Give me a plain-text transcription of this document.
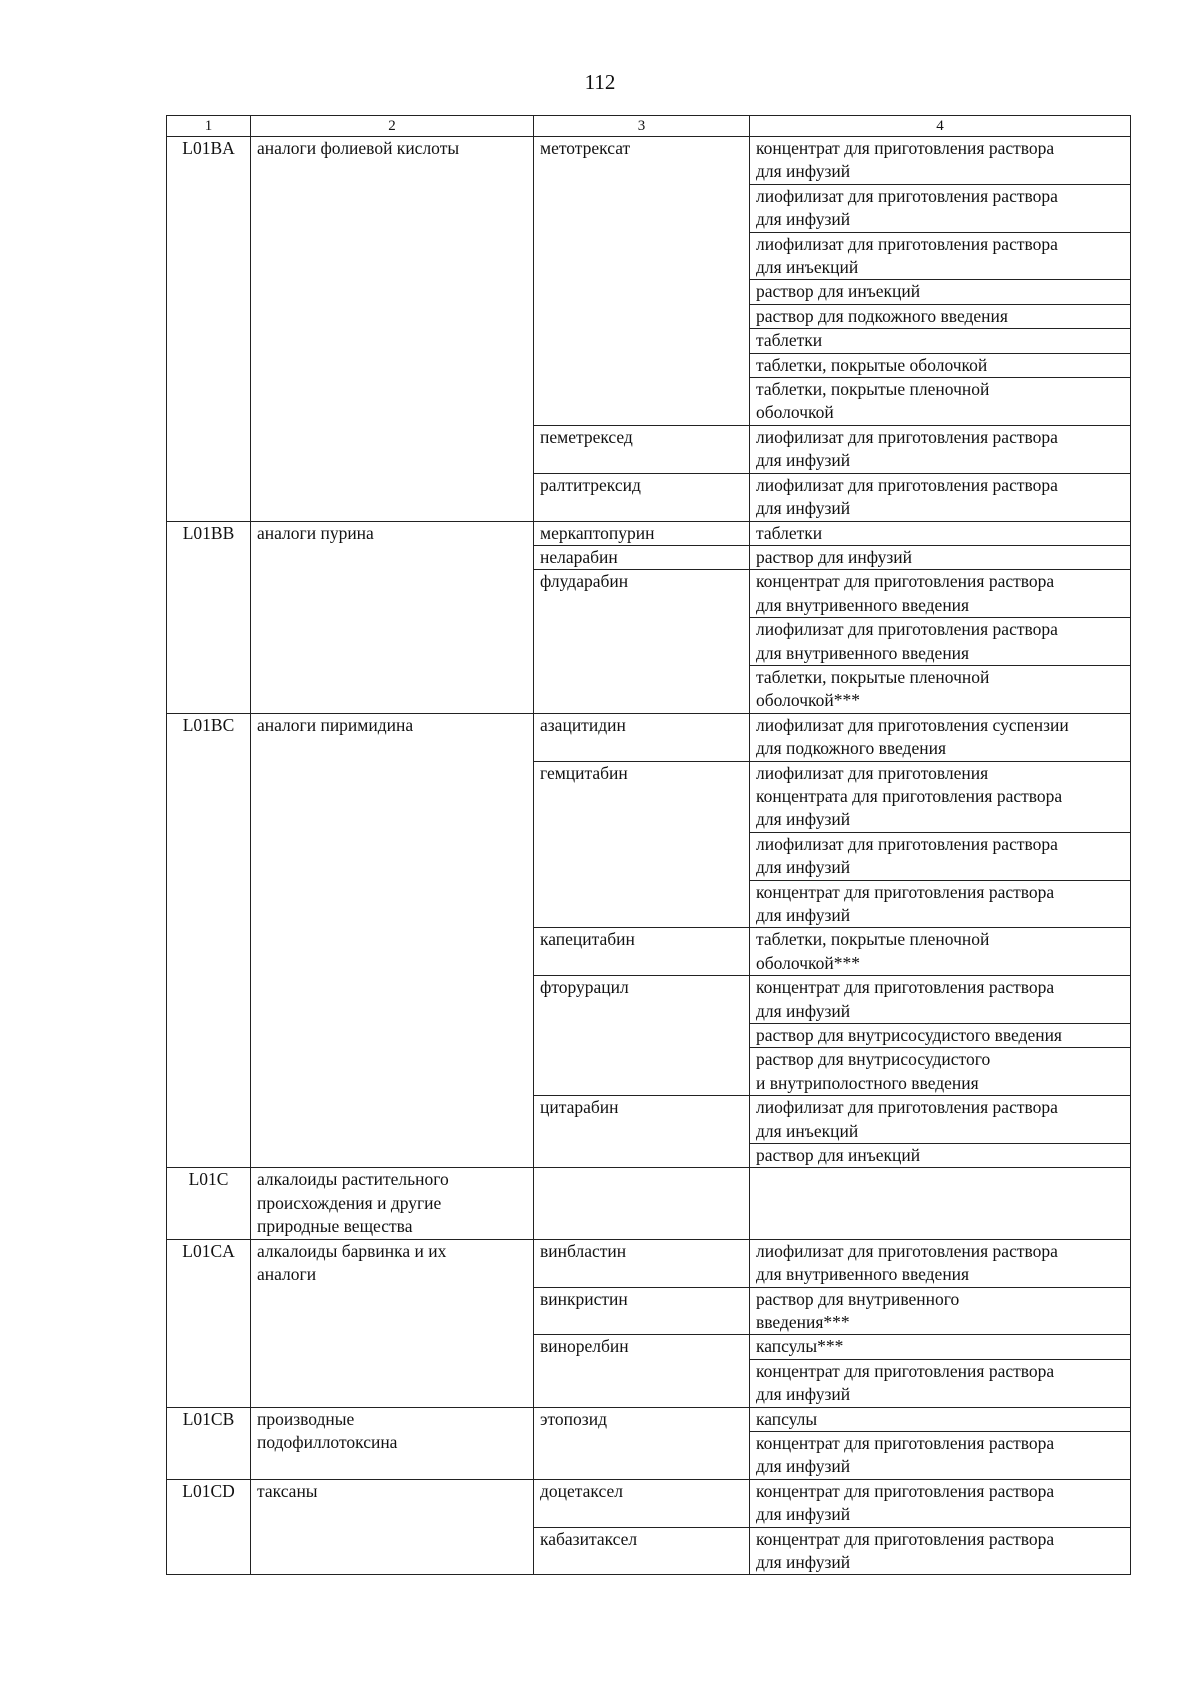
112
1	2	3	4
L01BA	аналоги фолиевой кислоты	метотрексат	концентрат для приготовления раствора
для инфузий
			лиофилизат для приготовления раствора
для инфузий
			лиофилизат для приготовления раствора
для инъекций
			раствор для инъекций
			раствор для подкожного введения
			таблетки
			таблетки, покрытые оболочкой
			таблетки, покрытые пленочной
оболочкой
		пеметрексед	лиофилизат для приготовления раствора
для инфузий
		ралтитрексид	лиофилизат для приготовления раствора
для инфузий
L01BB	аналоги пурина	меркаптопурин	таблетки
		неларабин	раствор для инфузий
		флударабин	концентрат для приготовления раствора
для внутривенного введения
			лиофилизат для приготовления раствора
для внутривенного введения
			таблетки, покрытые пленочной
оболочкой***
L01BC	аналоги пиримидина	азацитидин	лиофилизат для приготовления суспензии
для подкожного введения
		гемцитабин	лиофилизат для приготовления
концентрата для приготовления раствора
для инфузий
			лиофилизат для приготовления раствора
для инфузий
			концентрат для приготовления раствора
для инфузий
		капецитабин	таблетки, покрытые пленочной
оболочкой***
		фторурацил	концентрат для приготовления раствора
для инфузий
			раствор для внутрисосудистого введения
			раствор для внутрисосудистого
и внутриполостного введения
		цитарабин	лиофилизат для приготовления раствора
для инъекций
			раствор для инъекций
L01C	алкалоиды растительного
происхождения и другие
природные вещества		
L01CA	алкалоиды барвинка и их
аналоги	винбластин	лиофилизат для приготовления раствора
для внутривенного введения
		винкристин	раствор для внутривенного
введения***
		винорелбин	капсулы***
			концентрат для приготовления раствора
для инфузий
L01CB	производные
подофиллотоксина	этопозид	капсулы
			концентрат для приготовления раствора
для инфузий
L01CD	таксаны	доцетаксел	концентрат для приготовления раствора
для инфузий
		кабазитаксел	концентрат для приготовления раствора
для инфузий
